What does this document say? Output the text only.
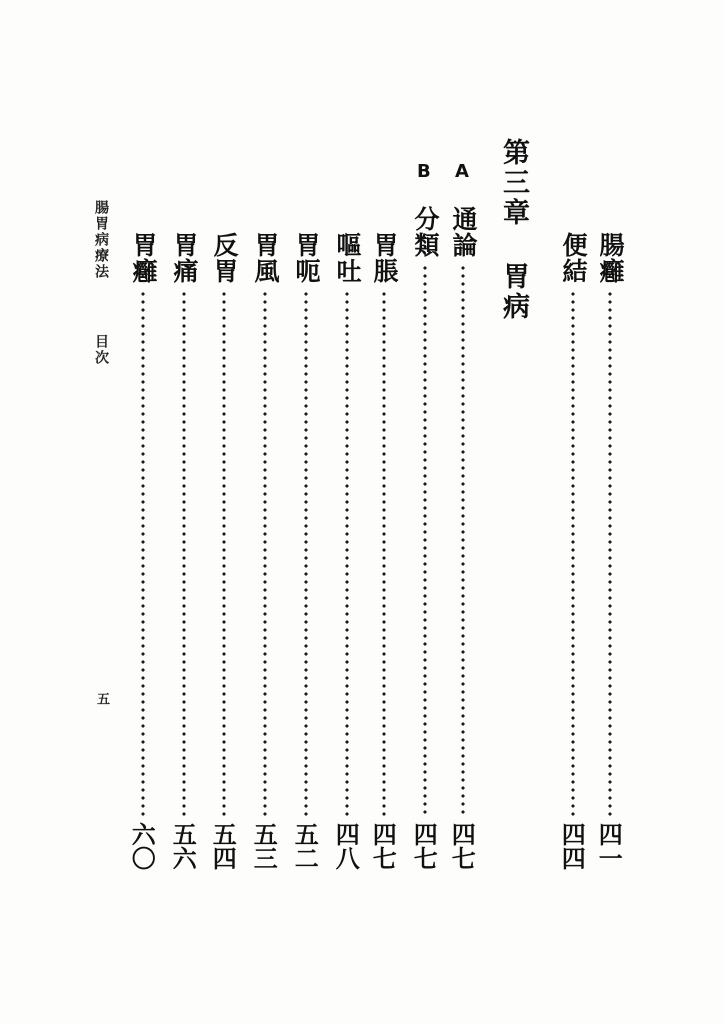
腸癰
四一
便結
四四
第三章
胃病
A
通論
四七
B
分類
四七
胃脹
四七
嘔吐
四八
胃呃
五二
胃風
五三
反胃
五四
胃痛
五六
胃癰
六〇
腸胃病療法
目次
五
